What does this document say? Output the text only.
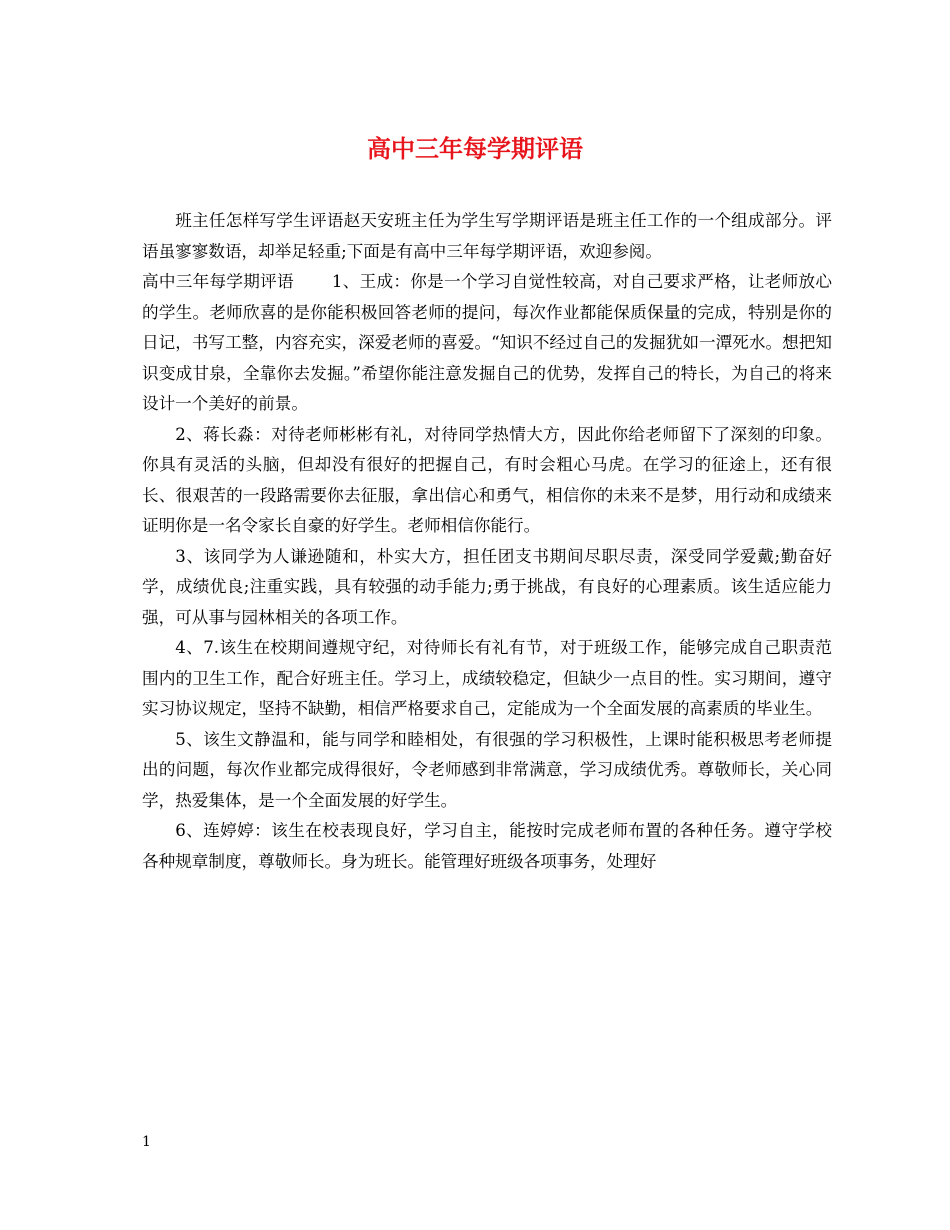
高中三年每学期评语

班主任怎样写学生评语赵天安班主任为学生写学期评语是班主任工作的一个组成部分。评语虽寥寥数语，却举足轻重;下面是有高中三年每学期评语，欢迎参阅。

高中三年每学期评语 1、王成：你是一个学习自觉性较高，对自己要求严格，让老师放心的学生。老师欣喜的是你能积极回答老师的提问，每次作业都能保质保量的完成，特别是你的日记，书写工整，内容充实，深爱老师的喜爱。“知识不经过自己的发掘犹如一潭死水。想把知识变成甘泉，全靠你去发掘。”希望你能注意发掘自己的优势，发挥自己的特长，为自己的将来设计一个美好的前景。

2、蒋长淼：对待老师彬彬有礼，对待同学热情大方，因此你给老师留下了深刻的印象。你具有灵活的头脑，但却没有很好的把握自己，有时会粗心马虎。在学习的征途上，还有很长、很艰苦的一段路需要你去征服，拿出信心和勇气，相信你的未来不是梦，用行动和成绩来证明你是一名令家长自豪的好学生。老师相信你能行。

3、该同学为人谦逊随和，朴实大方，担任团支书期间尽职尽责，深受同学爱戴;勤奋好学，成绩优良;注重实践，具有较强的动手能力;勇于挑战，有良好的心理素质。该生适应能力强，可从事与园林相关的各项工作。

4、7.该生在校期间遵规守纪，对待师长有礼有节，对于班级工作，能够完成自己职责范围内的卫生工作，配合好班主任。学习上，成绩较稳定，但缺少一点目的性。实习期间，遵守实习协议规定，坚持不缺勤，相信严格要求自己，定能成为一个全面发展的高素质的毕业生。

5、该生文静温和，能与同学和睦相处，有很强的学习积极性，上课时能积极思考老师提出的问题，每次作业都完成得很好，令老师感到非常满意，学习成绩优秀。尊敬师长，关心同学，热爱集体，是一个全面发展的好学生。

6、连婷婷：该生在校表现良好，学习自主，能按时完成老师布置的各种任务。遵守学校各种规章制度，尊敬师长。身为班长。能管理好班级各项事务，处理好

1
